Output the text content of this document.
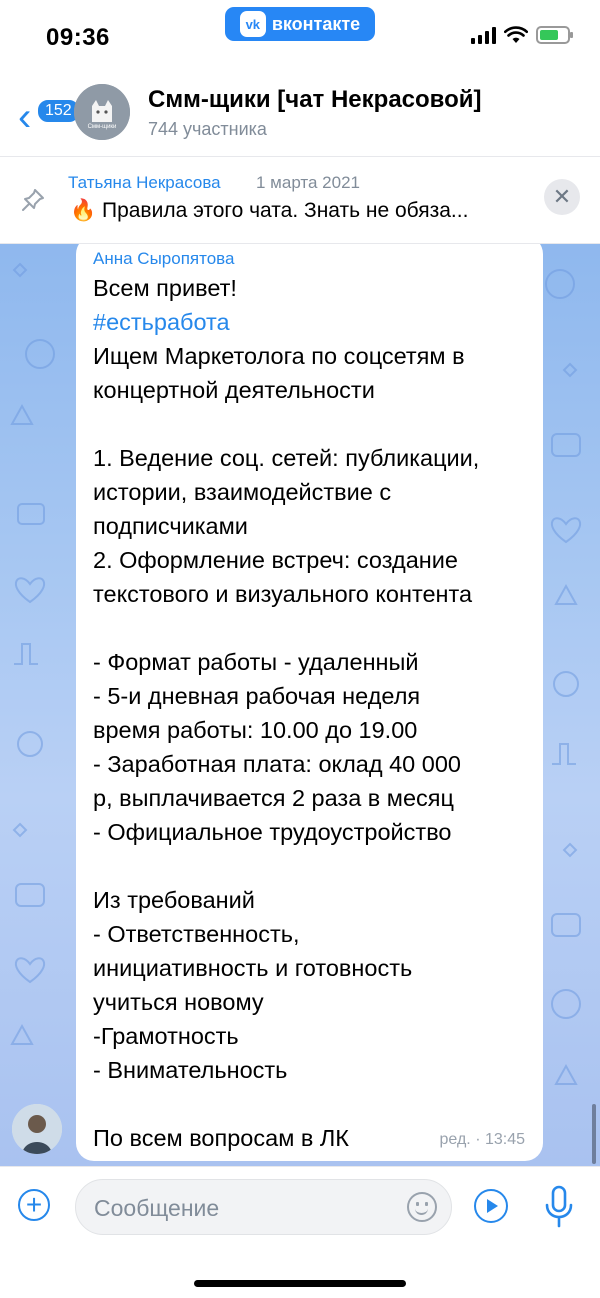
09:36	vk вконтакте
‹ 152
Смм-щики
Смм-щики [чат Некрасовой]
744 участника
Татьяна Некрасова 1 марта 2021
🔥 Правила этого чата. Знать не обяза...
✕
Анна Сыропятова
Всем привет!
#естьработа
Ищем Маркетолога по соцсетям в
концертной деятельности
1. Ведение соц. сетей: публикации,
истории, взаимодействие с
подписчиками
2. Оформление встреч: создание
текстового и визуального контента
- Формат работы - удаленный
- 5-и дневная рабочая неделя
время работы: 10.00 до 19.00
- Заработная плата: оклад 40 000
р, выплачивается 2 раза в месяц
- Официальное трудоустройство
Из требований
- Ответственность,
инициативность и готовность
учиться новому
-Грамотность
- Внимательность
По всем вопросам в ЛК	ред. · 13:45
+
Сообщение
